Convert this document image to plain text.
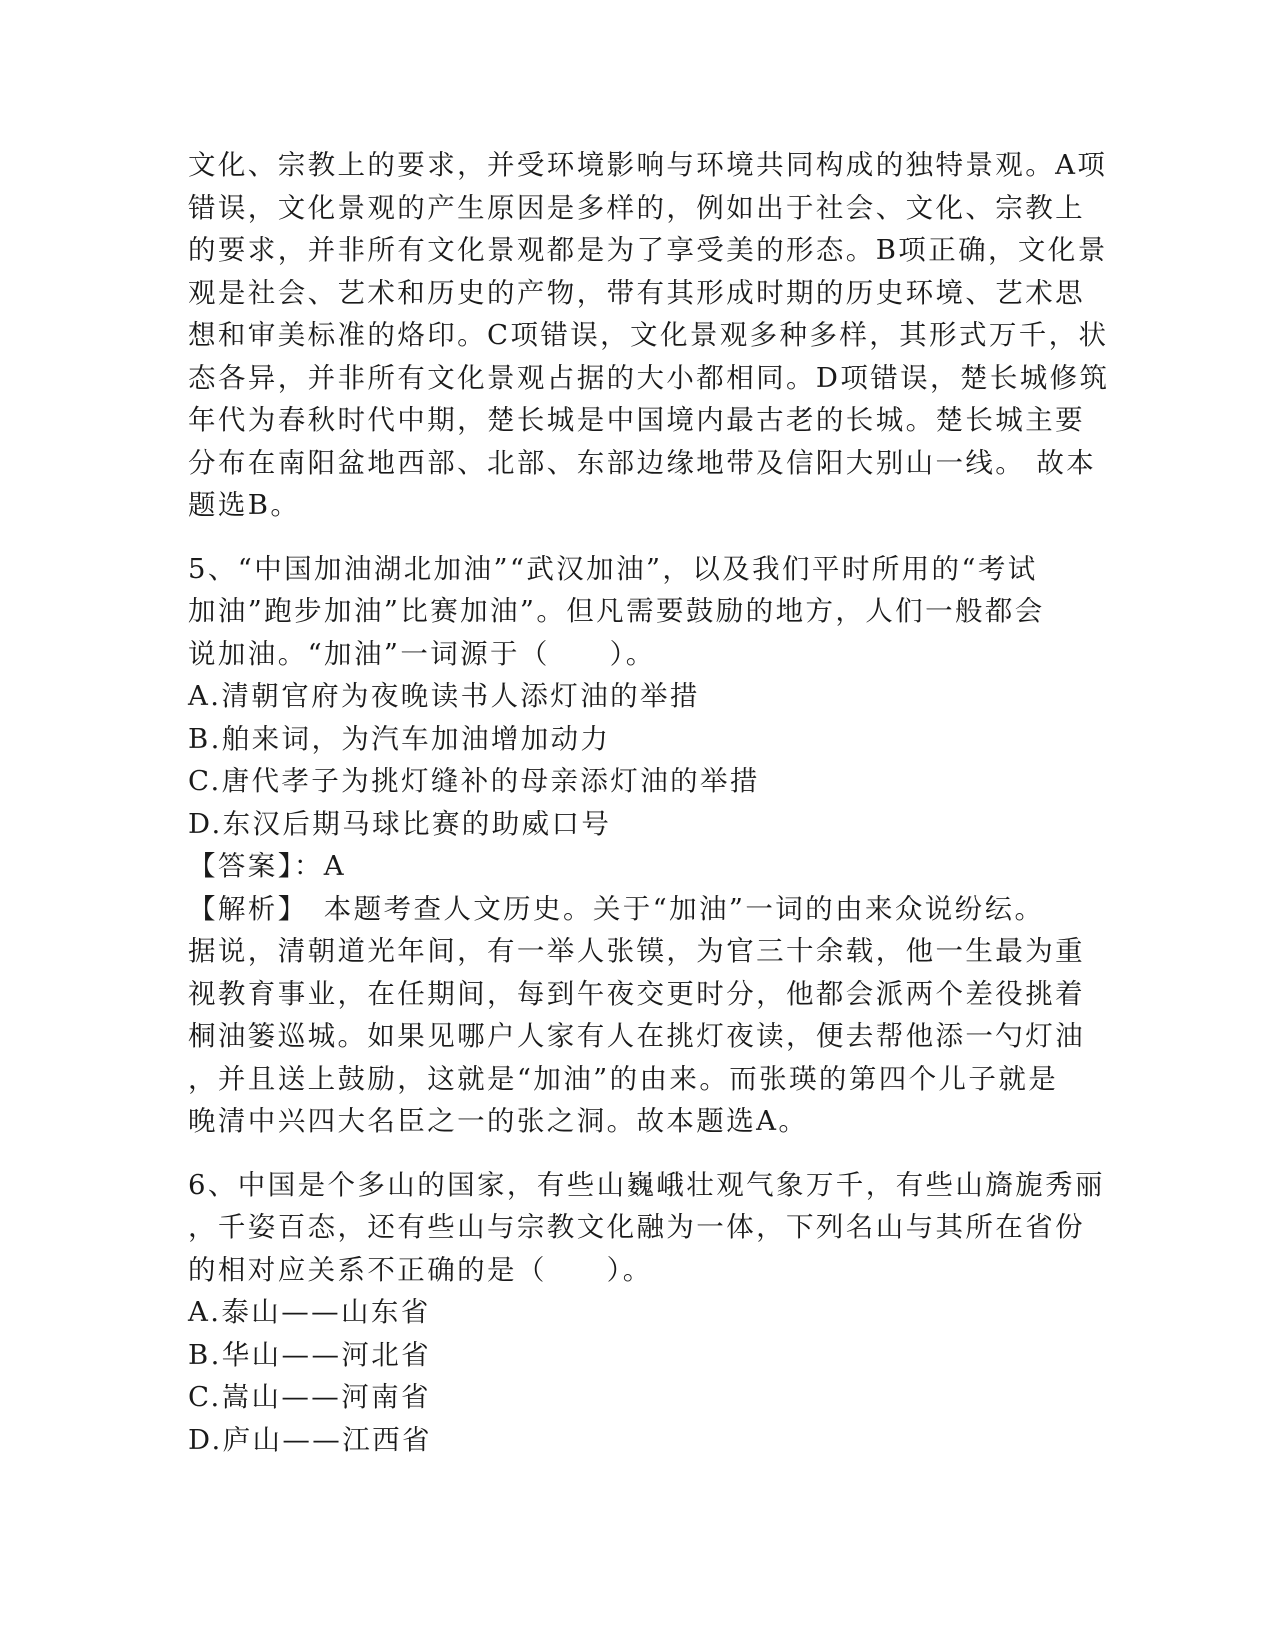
文化、宗教上的要求，并受环境影响与环境共同构成的独特景观。A项
错误，文化景观的产生原因是多样的，例如出于社会、文化、宗教上
的要求，并非所有文化景观都是为了享受美的形态。B项正确，文化景
观是社会、艺术和历史的产物，带有其形成时期的历史环境、艺术思
想和审美标准的烙印。C项错误，文化景观多种多样，其形式万千，状
态各异，并非所有文化景观占据的大小都相同。D项错误，楚长城修筑
年代为春秋时代中期，楚长城是中国境内最古老的长城。楚长城主要
分布在南阳盆地西部、北部、东部边缘地带及信阳大别山一线。 故本
题选B。
5、“中国加油湖北加油”“武汉加油”，以及我们平时所用的“考试
加油”跑步加油”比赛加油”。但凡需要鼓励的地方，人们一般都会
说加油。“加油”一词源于（　　）。
A.清朝官府为夜晚读书人添灯油的举措
B.舶来词，为汽车加油增加动力
C.唐代孝子为挑灯缝补的母亲添灯油的举措
D.东汉后期马球比赛的助威口号
【答案】：A
【解析】　本题考查人文历史。关于“加油”一词的由来众说纷纭。
据说，清朝道光年间，有一举人张镆，为官三十余载，他一生最为重
视教育事业，在任期间，每到午夜交更时分，他都会派两个差役挑着
桐油篓巡城。如果见哪户人家有人在挑灯夜读，便去帮他添一勺灯油
，并且送上鼓励，这就是“加油”的由来。而张瑛的第四个儿子就是
晚清中兴四大名臣之一的张之洞。故本题选A。
6、中国是个多山的国家，有些山巍峨壮观气象万千，有些山旖旎秀丽
，千姿百态，还有些山与宗教文化融为一体，下列名山与其所在省份
的相对应关系不正确的是（　　）。
A.泰山——山东省
B.华山——河北省
C.嵩山——河南省
D.庐山——江西省
